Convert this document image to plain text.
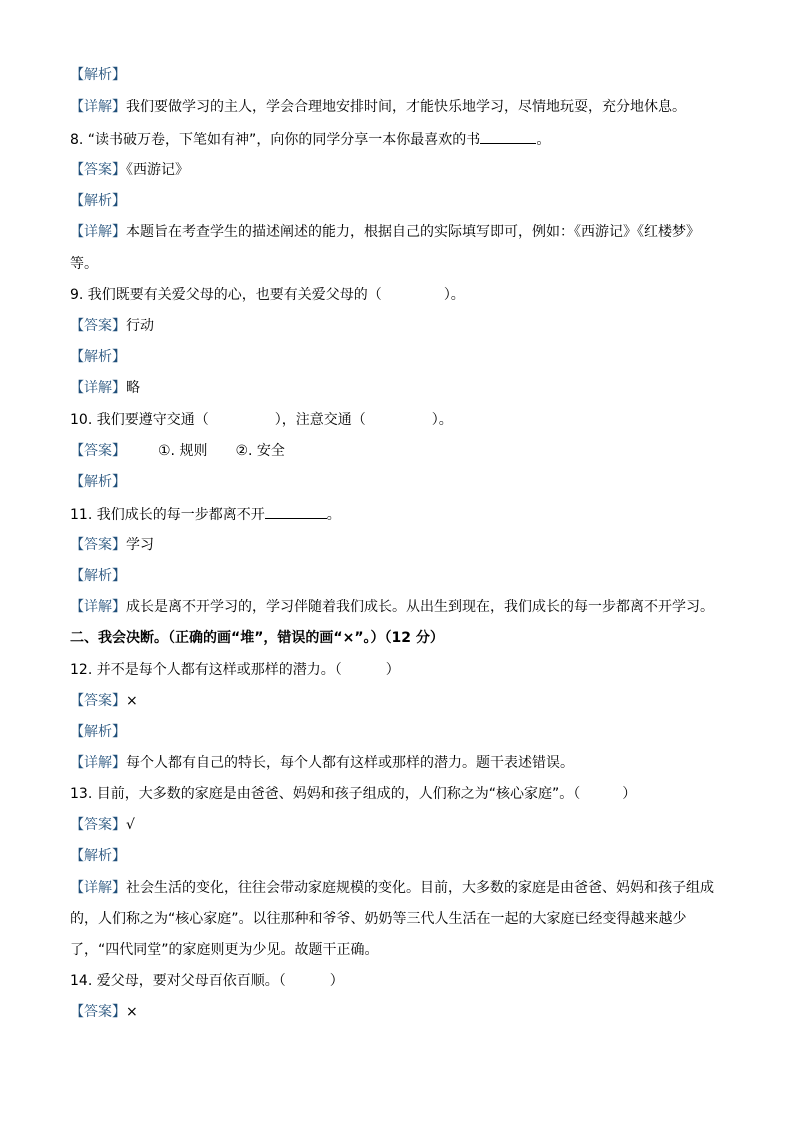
【解析】
【详解】我们要做学习的主人，学会合理地安排时间，才能快乐地学习，尽情地玩耍，充分地休息。
8. “读书破万卷，下笔如有神”，向你的同学分享一本你最喜欢的书	。
【答案】《西游记》
【解析】
【详解】本题旨在考查学生的描述阐述的能力，根据自己的实际填写即可，例如：《西游记》《红楼梦》
等。
9. 我们既要有关爱父母的心，也要有关爱父母的（	）。
【答案】行动
【解析】
【详解】略
10. 我们要遵守交通（	），注意交通（	）。
【答案】 ①. 规则 ②. 安全
【解析】
11. 我们成长的每一步都离不开	。
【答案】学习
【解析】
【详解】成长是离不开学习的，学习伴随着我们成长。从出生到现在，我们成长的每一步都离不开学习。
二、我会决断。（正确的画“堆”，错误的画“×”。）（12 分）
12. 并不是每个人都有这样或那样的潜力。（	）
【答案】×
【解析】
【详解】每个人都有自己的特长，每个人都有这样或那样的潜力。题干表述错误。
13. 目前，大多数的家庭是由爸爸、妈妈和孩子组成的，人们称之为“核心家庭”。（	）
【答案】√
【解析】
【详解】社会生活的变化，往往会带动家庭规模的变化。目前，大多数的家庭是由爸爸、妈妈和孩子组成
的，人们称之为“核心家庭”。以往那种和爷爷、奶奶等三代人生活在一起的大家庭已经变得越来越少
了，“四代同堂”的家庭则更为少见。故题干正确。
14. 爱父母，要对父母百依百顺。（	）
【答案】×
